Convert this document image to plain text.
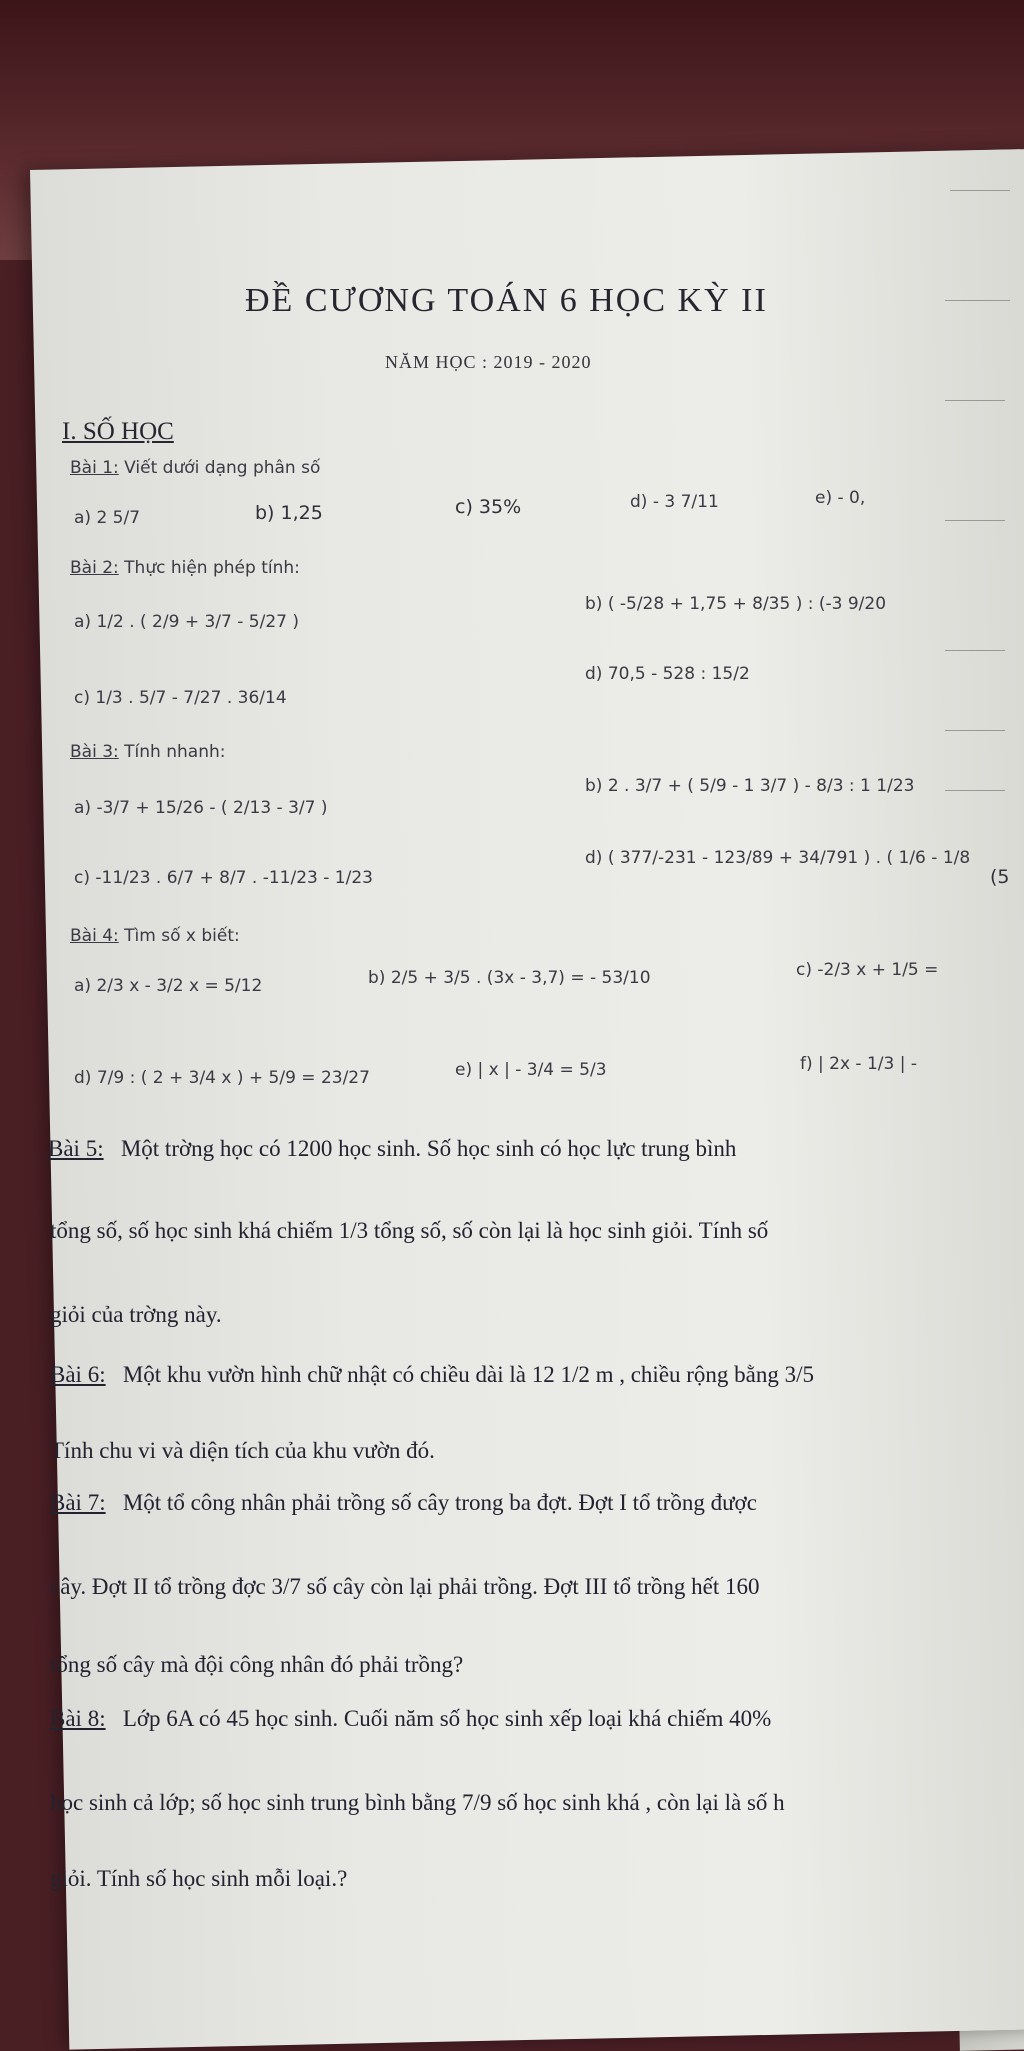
ĐỀ CƯƠNG TOÁN 6 HỌC KỲ II
NĂM HỌC : 2019 - 2020
I. SỐ HỌC
Bài 1: Viết dưới dạng phân số
a) 2 5/7	b) 1,25	c) 35%	d) - 3 7/11	e) - 0,
Bài 2: Thực hiện phép tính:
a) 1/2 . ( 2/9 + 3/7 - 5/27 )
b) ( -5/28 + 1,75 + 8/35 ) : (-3 9/20
c) 1/3 . 5/7 - 7/27 . 36/14
d) 70,5 - 528 : 15/2
Bài 3: Tính nhanh:
a) -3/7 + 15/26 - ( 2/13 - 3/7 )
b) 2 . 3/7 + ( 5/9 - 1 3/7 ) - 8/3 : 1 1/23
c) -11/23 . 6/7 + 8/7 . -11/23 - 1/23
d) ( 377/-231 - 123/89 + 34/791 ) . ( 1/6 - 1/8
(5
Bài 4: Tìm số x biết:
a) 2/3 x - 3/2 x = 5/12	b) 2/5 + 3/5 . (3x - 3,7) = - 53/10	c) -2/3 x + 1/5 =
d) 7/9 : ( 2 + 3/4 x ) + 5/9 = 23/27	e) | x | - 3/4 = 5/3	f) | 2x - 1/3 | -
Bài 5: Một trờng học có 1200 học sinh. Số học sinh có học lực trung bình
tổng số, số học sinh khá chiếm 1/3 tổng số, số còn lại là học sinh giỏi. Tính số
giỏi của trờng này.
Bài 6: Một khu vườn hình chữ nhật có chiều dài là 12 1/2 m , chiều rộng bằng 3/5
Tính chu vi và diện tích của khu vườn đó.
Bài 7: Một tổ công nhân phải trồng số cây trong ba đợt. Đợt I tổ trồng được
cây. Đợt II tổ trồng đợc 3/7 số cây còn lại phải trồng. Đợt III tổ trồng hết 160
tổng số cây mà đội công nhân đó phải trồng?
Bài 8: Lớp 6A có 45 học sinh. Cuối năm số học sinh xếp loại khá chiếm 40%
học sinh cả lớp; số học sinh trung bình bằng 7/9 số học sinh khá , còn lại là số h
giỏi. Tính số học sinh mỗi loại.?
